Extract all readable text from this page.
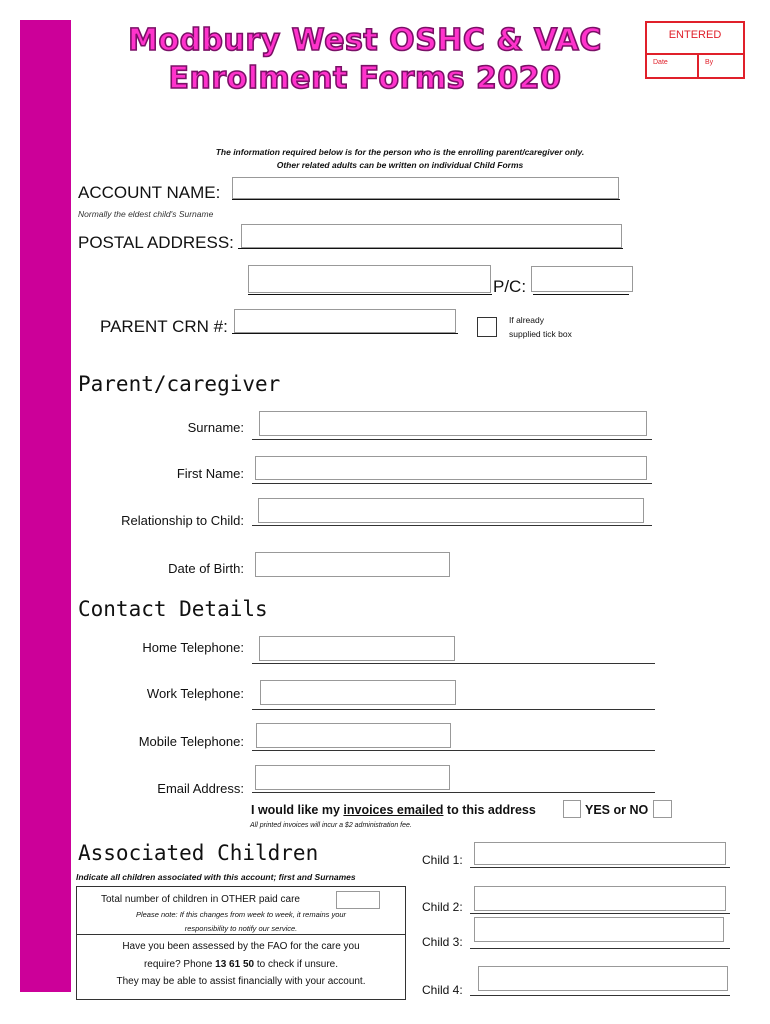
Modbury West OSHC & VAC
Enrolment Forms 2020
ENTERED
Date	By
The information required below is for the person who is the enrolling parent/caregiver only.
Other related adults can be written on individual Child Forms
ACCOUNT NAME:
Normally the eldest child's Surname
POSTAL ADDRESS:
P/C:
PARENT CRN #:	If already
supplied tick box
Parent/caregiver
Surname:
First Name:
Relationship to Child:
Date of Birth:
Contact Details
Home Telephone:
Work Telephone:
Mobile Telephone:
Email Address:
I would like my invoices emailed to this address	YES or NO
All printed invoices will incur a $2 administration fee.
Associated Children
Indicate all children associated with this account; first and Surnames
Total number of children in OTHER paid care
Please note: If this changes from week to week, it remains your
responsibility to notify our service.
Have you been assessed by the FAO for the care you
require? Phone 13 61 50 to check if unsure.
They may be able to assist financially with your account.
Child 1:
Child 2:
Child 3:
Child 4:
